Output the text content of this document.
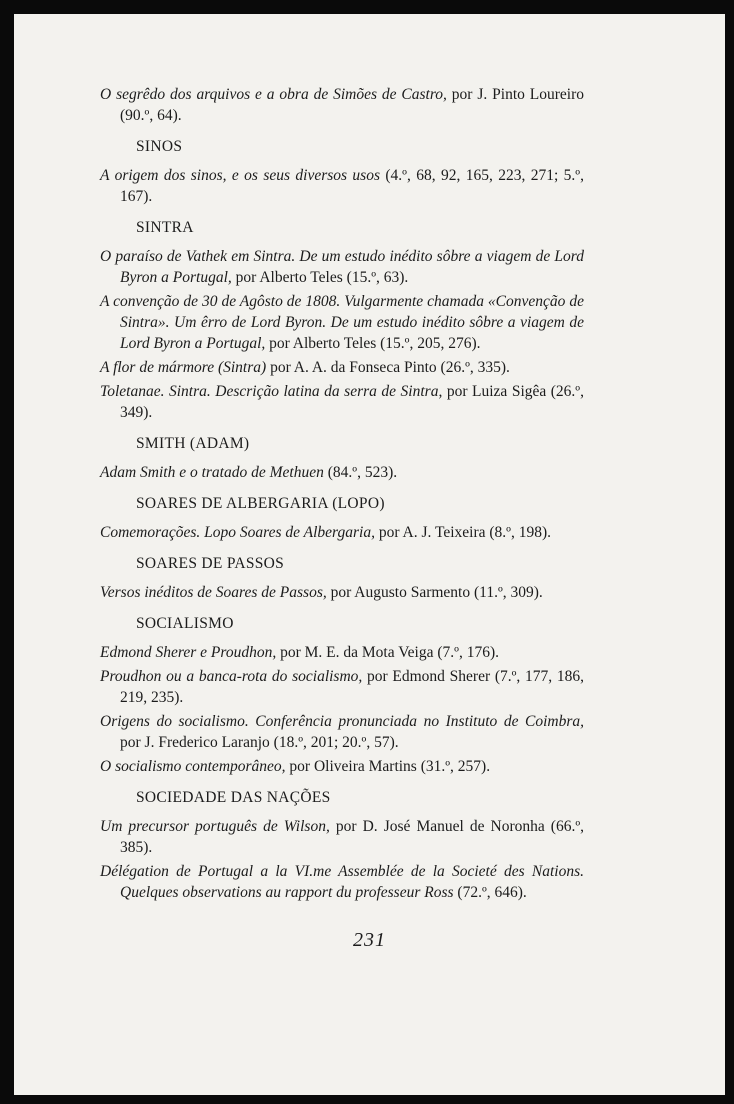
O segrêdo dos arquivos e a obra de Simões de Castro, por J. Pinto Loureiro (90.º, 64).
SINOS
A origem dos sinos, e os seus diversos usos (4.º, 68, 92, 165, 223, 271; 5.º, 167).
SINTRA
O paraíso de Vathek em Sintra. De um estudo inédito sôbre a viagem de Lord Byron a Portugal, por Alberto Teles (15.º, 63).
A convenção de 30 de Agôsto de 1808. Vulgarmente chamada «Convenção de Sintra». Um êrro de Lord Byron. De um estudo inédito sôbre a viagem de Lord Byron a Portugal, por Alberto Teles (15.º, 205, 276).
A flor de mármore (Sintra) por A. A. da Fonseca Pinto (26.º, 335).
Toletanae. Sintra. Descrição latina da serra de Sintra, por Luiza Sigêa (26.º, 349).
SMITH (ADAM)
Adam Smith e o tratado de Methuen (84.º, 523).
SOARES DE ALBERGARIA (LOPO)
Comemorações. Lopo Soares de Albergaria, por A. J. Teixeira (8.º, 198).
SOARES DE PASSOS
Versos inéditos de Soares de Passos, por Augusto Sarmento (11.º, 309).
SOCIALISMO
Edmond Sherer e Proudhon, por M. E. da Mota Veiga (7.º, 176).
Proudhon ou a banca-rota do socialismo, por Edmond Sherer (7.º, 177, 186, 219, 235).
Origens do socialismo. Conferência pronunciada no Instituto de Coimbra, por J. Frederico Laranjo (18.º, 201; 20.º, 57).
O socialismo contemporâneo, por Oliveira Martins (31.º, 257).
SOCIEDADE DAS NAÇÕES
Um precursor português de Wilson, por D. José Manuel de Noronha (66.º, 385).
Délégation de Portugal a la VI.me Assemblée de la Societé des Nations. Quelques observations au rapport du professeur Ross (72.º, 646).
231
